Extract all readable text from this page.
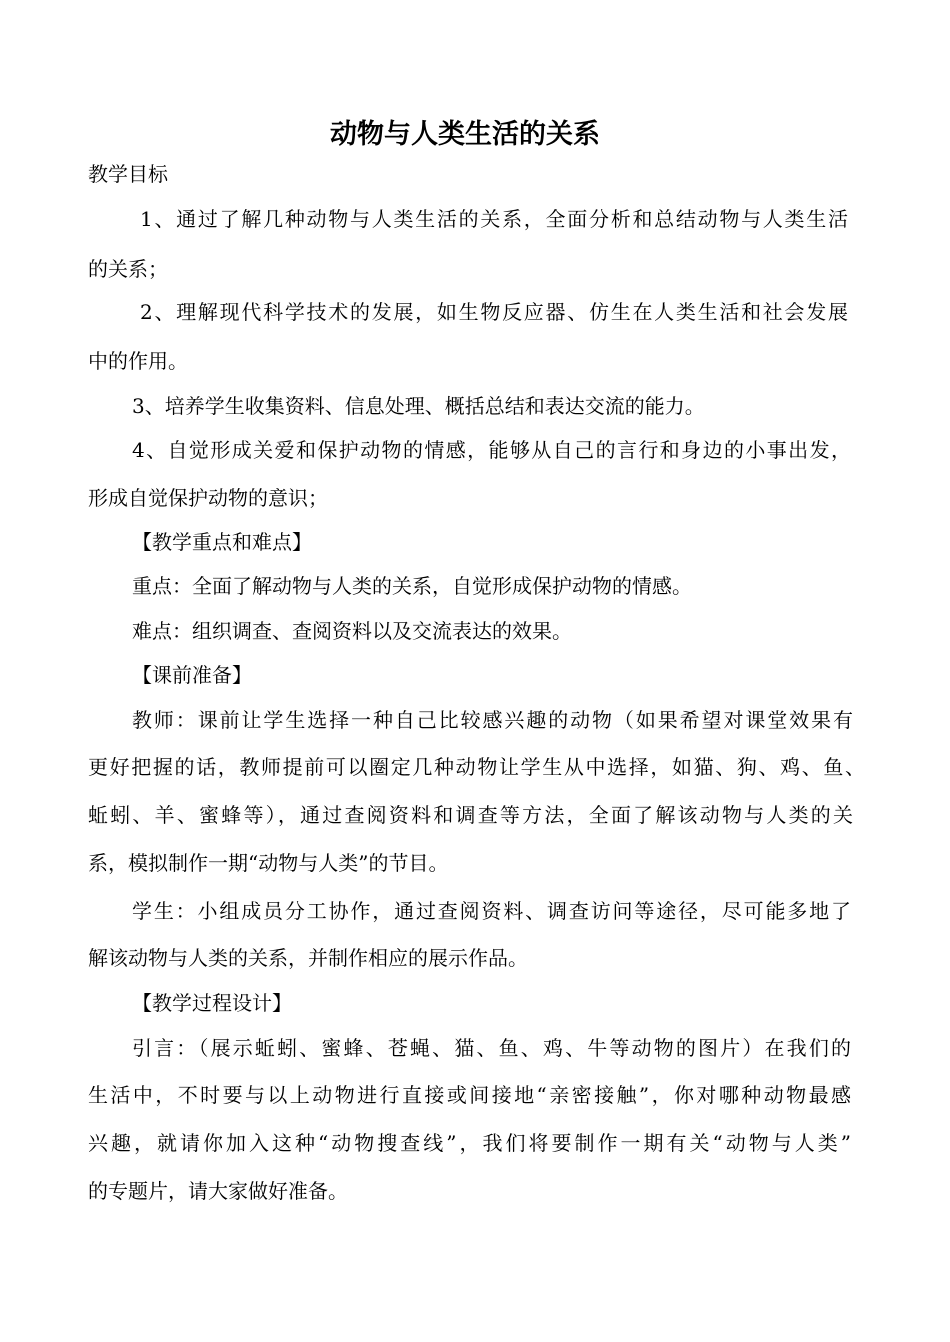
动物与人类生活的关系
教学目标
1、通过了解几种动物与人类生活的关系，全面分析和总结动物与人类生活
的关系；
2、理解现代科学技术的发展，如生物反应器、仿生在人类生活和社会发展
中的作用。
3、培养学生收集资料、信息处理、概括总结和表达交流的能力。
4、自觉形成关爱和保护动物的情感，能够从自己的言行和身边的小事出发，
形成自觉保护动物的意识；
【教学重点和难点】
重点：全面了解动物与人类的关系，自觉形成保护动物的情感。
难点：组织调查、查阅资料以及交流表达的效果。
【课前准备】
教师：课前让学生选择一种自己比较感兴趣的动物（如果希望对课堂效果有
更好把握的话，教师提前可以圈定几种动物让学生从中选择，如猫、狗、鸡、鱼、
蚯蚓、羊、蜜蜂等），通过查阅资料和调查等方法，全面了解该动物与人类的关
系，模拟制作一期“动物与人类”的节目。
学生：小组成员分工协作，通过查阅资料、调查访问等途径，尽可能多地了
解该动物与人类的关系，并制作相应的展示作品。
【教学过程设计】
引言：（展示蚯蚓、蜜蜂、苍蝇、猫、鱼、鸡、牛等动物的图片）在我们的
生活中，不时要与以上动物进行直接或间接地“亲密接触”，你对哪种动物最感
兴趣，就请你加入这种“动物搜查线”，我们将要制作一期有关“动物与人类”
的专题片，请大家做好准备。
